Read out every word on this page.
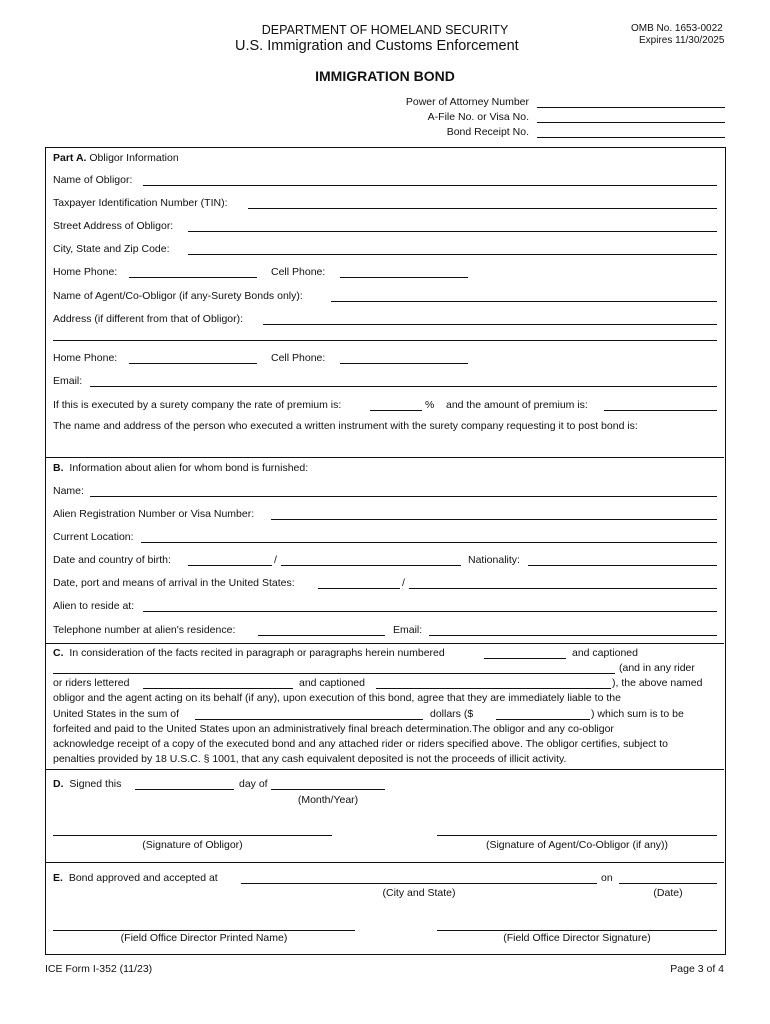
DEPARTMENT OF HOMELAND SECURITY
U.S. Immigration and Customs Enforcement
OMB No. 1653-0022
Expires 11/30/2025
IMMIGRATION BOND
Power of Attorney Number
A-File No. or Visa No.
Bond Receipt No.
Part A. Obligor Information
Name of Obligor:
Taxpayer Identification Number (TIN):
Street Address of Obligor:
City, State and Zip Code:
Home Phone:	Cell Phone:
Name of Agent/Co-Obligor (if any-Surety Bonds only):
Address (if different from that of Obligor):
Home Phone:	Cell Phone:
Email:
If this is executed by a surety company the rate of premium is:	% and the amount of premium is:
The name and address of the person who executed a written instrument with the surety company requesting it to post bond is:
B. Information about alien for whom bond is furnished:
Name:
Alien Registration Number or Visa Number:
Current Location:
Date and country of birth:	/	Nationality:
Date, port and means of arrival in the United States:	/
Alien to reside at:
Telephone number at alien's residence:	Email:
C. In consideration of the facts recited in paragraph or paragraphs herein numbered	and captioned
(and in any rider
or riders lettered	and captioned	), the above named
obligor and the agent acting on its behalf (if any), upon execution of this bond, agree that they are immediately liable to the
United States in the sum of	dollars ($	) which sum is to be
forfeited and paid to the United States upon an administratively final breach determination.The obligor and any co-obligor
acknowledge receipt of a copy of the executed bond and any attached rider or riders specified above. The obligor certifies, subject to
penalties provided by 18 U.S.C. § 1001, that any cash equivalent deposited is not the proceeds of illicit activity.
D. Signed this	day of
(Month/Year)
(Signature of Obligor)	(Signature of Agent/Co-Obligor (if any))
E. Bond approved and accepted at	on
(City and State)	(Date)
(Field Office Director Printed Name)	(Field Office Director Signature)
ICE Form I-352 (11/23)	Page 3 of 4
